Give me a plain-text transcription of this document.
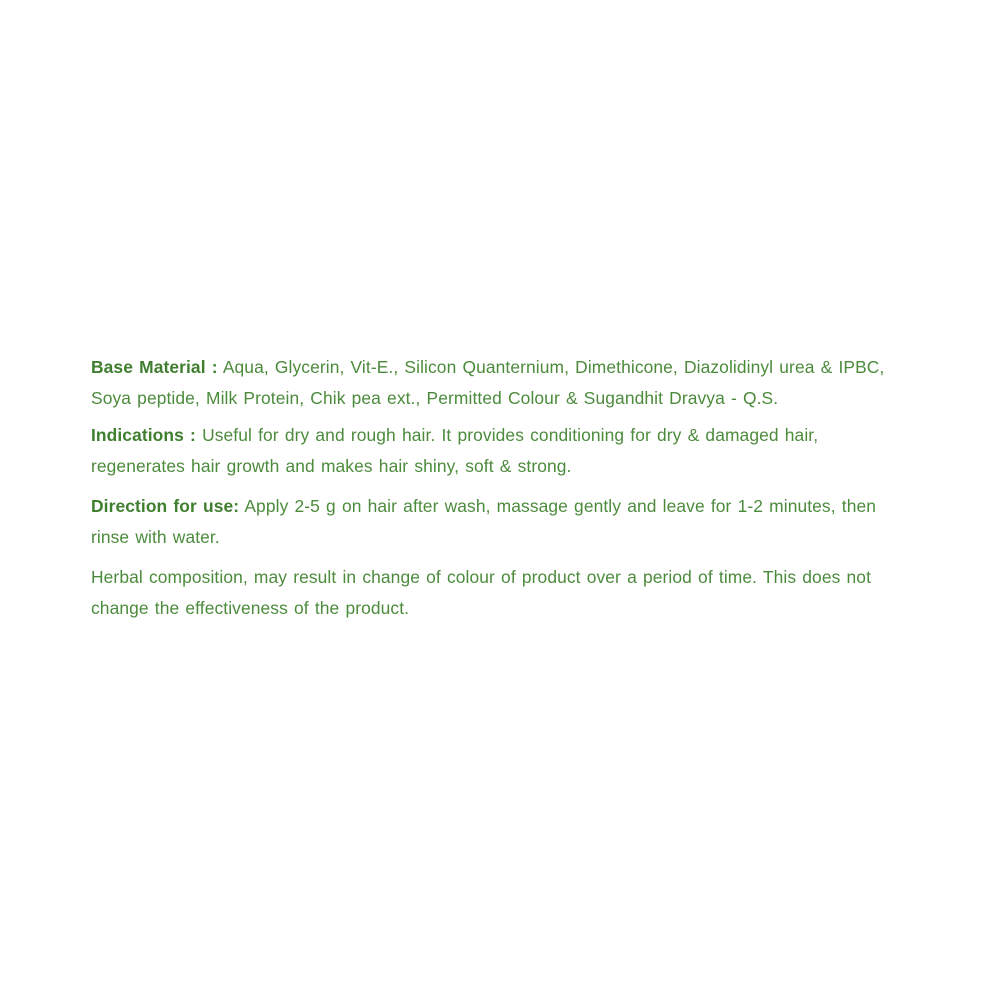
Base Material : Aqua, Glycerin, Vit-E., Silicon Quanternium, Dimethicone, Diazolidinyl urea & IPBC, Soya peptide, Milk Protein, Chik pea ext., Permitted Colour & Sugandhit Dravya - Q.S.

Indications : Useful for dry and rough hair. It provides conditioning for dry & damaged hair, regenerates hair growth and makes hair shiny, soft & strong.

Direction for use: Apply 2-5 g on hair after wash, massage gently and leave for 1-2 minutes, then rinse with water.

Herbal composition, may result in change of colour of product over a period of time. This does not change the effectiveness of the product.
